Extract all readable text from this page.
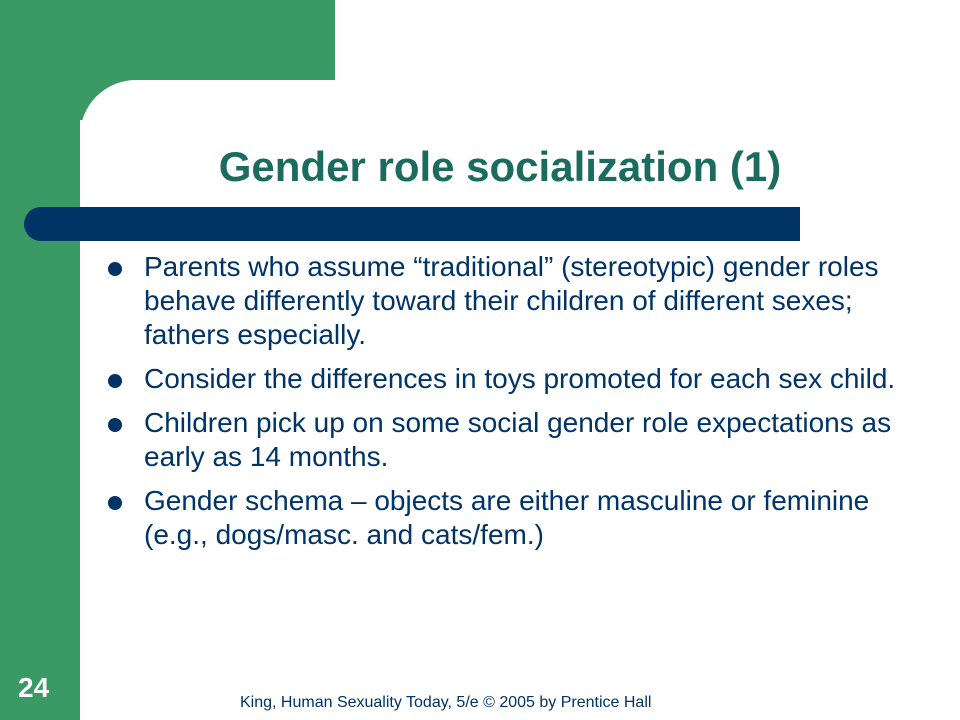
Gender role socialization (1)
Parents who assume “traditional” (stereotypic) gender roles behave differently toward their children of different sexes; fathers especially.
Consider the differences in toys promoted for each sex child.
Children pick up on some social gender role expectations as early as 14 months.
Gender schema – objects are either masculine or feminine (e.g., dogs/masc. and cats/fem.)
24	King, Human Sexuality Today, 5/e © 2005 by Prentice Hall
